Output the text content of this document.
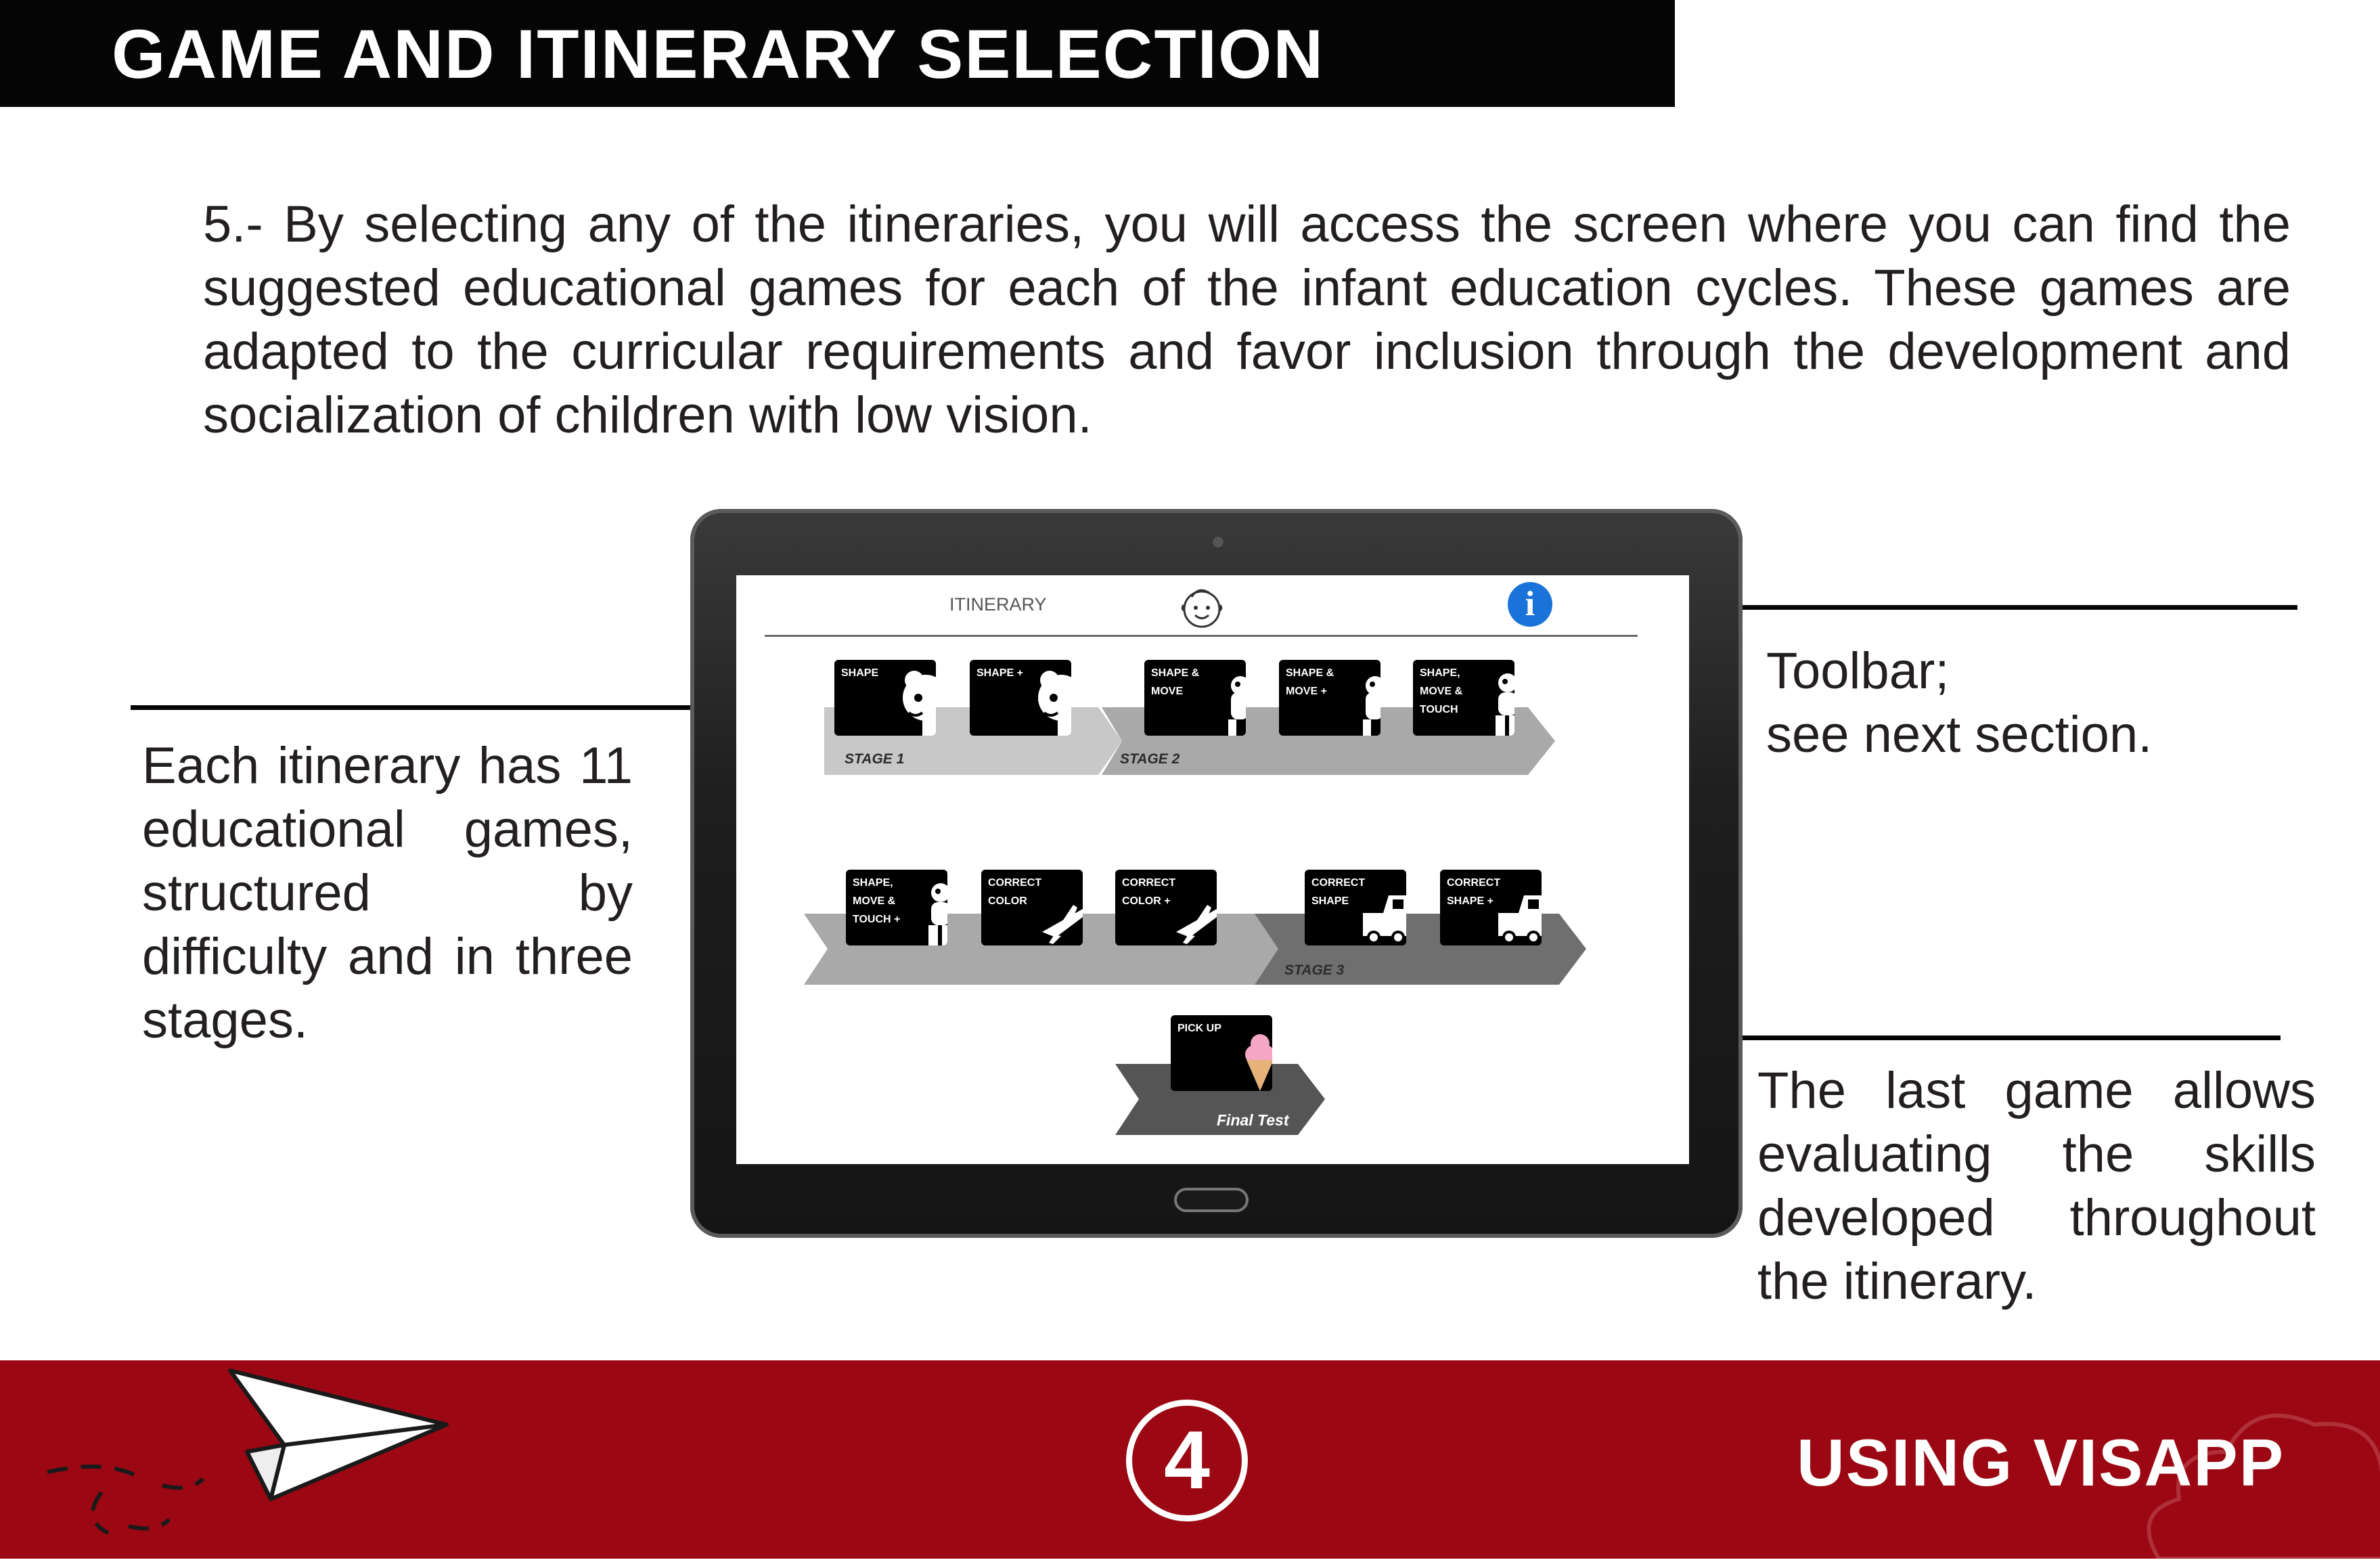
GAME AND ITINERARY SELECTION
5.- By selecting any of the itineraries, you will access the screen where you can find the suggested educational games for each of the infant education cycles. These games are adapted to the curricular requirements and favor inclusion through the development and socialization of children with low vision.
Each itinerary has 11 educational games, structured by difficulty and in three stages.
Toolbar;
see next section.
The last game allows evaluating the skills developed throughout the itinerary.
ITINERARY	i
STAGE 1	STAGE 2
STAGE 3
Final Test
SHAPE	SHAPE +	SHAPE & MOVE
SHAPE & MOVE +
SHAPE, MOVE & TOUCH
SHAPE, MOVE & TOUCH +
CORRECT COLOR
CORRECT COLOR +
CORRECT SHAPE
CORRECT SHAPE +
PICK UP
4	USING VISAPP
